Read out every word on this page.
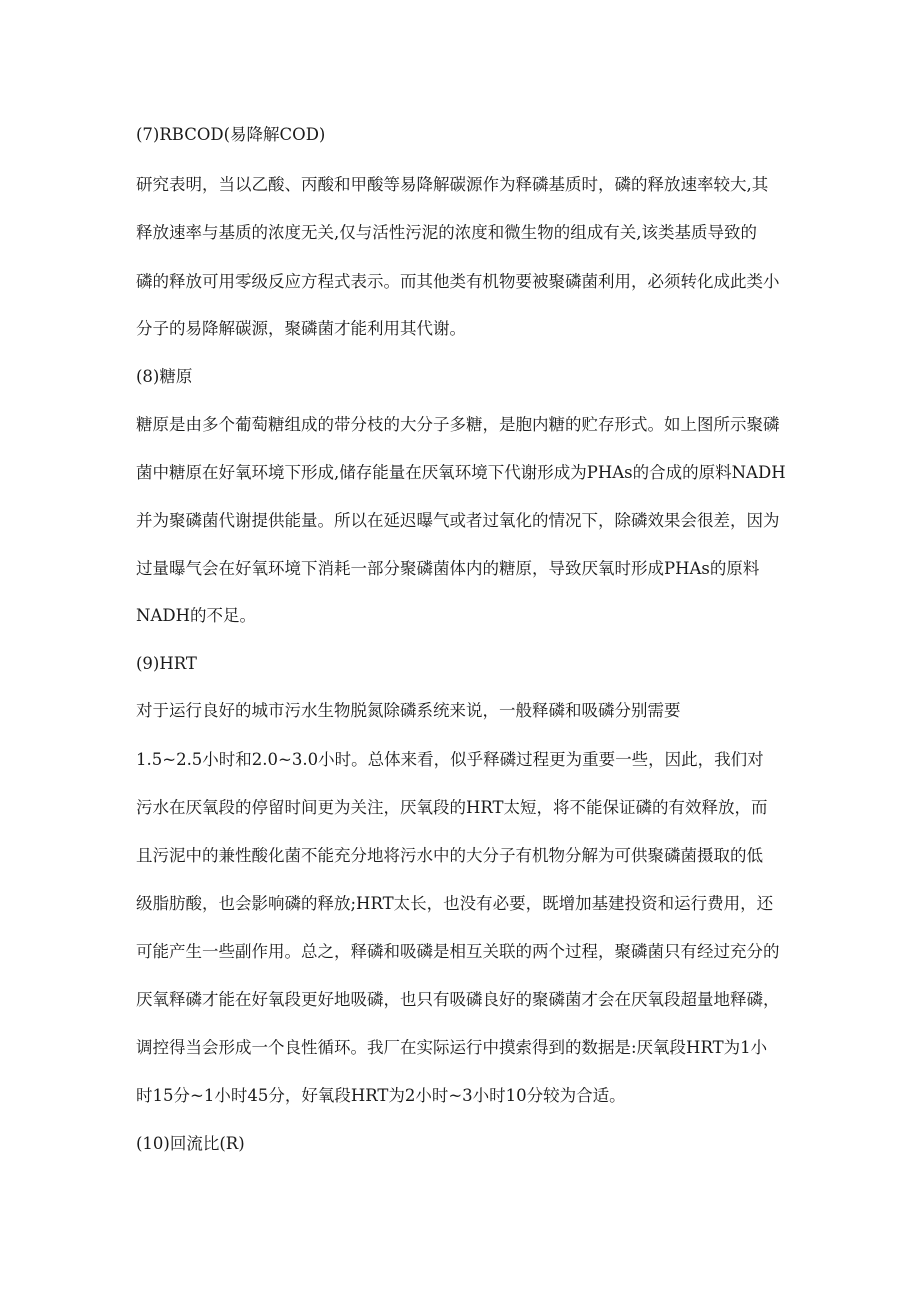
(7)RBCOD(易降解COD)
研究表明，当以乙酸、丙酸和甲酸等易降解碳源作为释磷基质时，磷的释放速率较大,其
释放速率与基质的浓度无关,仅与活性污泥的浓度和微生物的组成有关,该类基质导致的
磷的释放可用零级反应方程式表示。而其他类有机物要被聚磷菌利用，必须转化成此类小
分子的易降解碳源，聚磷菌才能利用其代谢。
(8)糖原
糖原是由多个葡萄糖组成的带分枝的大分子多糖，是胞内糖的贮存形式。如上图所示聚磷
菌中糖原在好氧环境下形成,储存能量在厌氧环境下代谢形成为PHAs的合成的原料NADH
并为聚磷菌代谢提供能量。所以在延迟曝气或者过氧化的情况下，除磷效果会很差，因为
过量曝气会在好氧环境下消耗一部分聚磷菌体内的糖原，导致厌氧时形成PHAs的原料
NADH的不足。
(9)HRT
对于运行良好的城市污水生物脱氮除磷系统来说，一般释磷和吸磷分别需要
1.5~2.5小时和2.0~3.0小时。总体来看，似乎释磷过程更为重要一些，因此，我们对
污水在厌氧段的停留时间更为关注，厌氧段的HRT太短，将不能保证磷的有效释放，而
且污泥中的兼性酸化菌不能充分地将污水中的大分子有机物分解为可供聚磷菌摄取的低
级脂肪酸，也会影响磷的释放;HRT太长，也没有必要，既增加基建投资和运行费用，还
可能产生一些副作用。总之，释磷和吸磷是相互关联的两个过程，聚磷菌只有经过充分的
厌氧释磷才能在好氧段更好地吸磷，也只有吸磷良好的聚磷菌才会在厌氧段超量地释磷，
调控得当会形成一个良性循环。我厂在实际运行中摸索得到的数据是:厌氧段HRT为1小
时15分~1小时45分，好氧段HRT为2小时~3小时10分较为合适。
(10)回流比(R)
